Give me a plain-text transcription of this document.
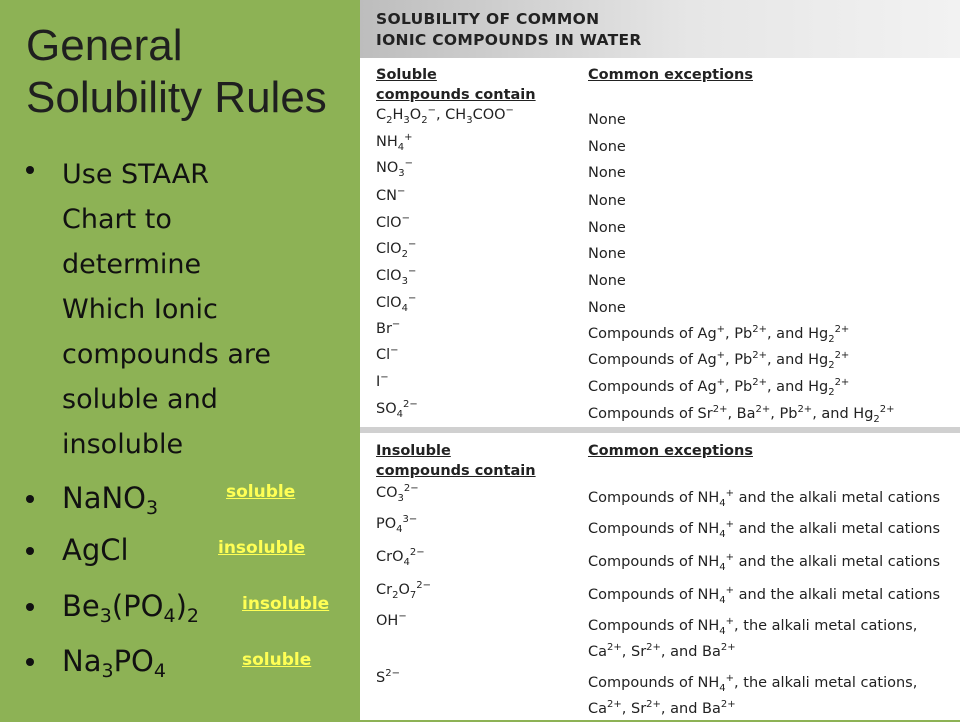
General Solubility Rules
Use STAAR
Chart to
determine
Which Ionic
compounds are
soluble and
insoluble
NaNO$_3$
AgCl
$Be_3(PO_4)_2$
$Na_3PO_4$
SOLUBILITY OF COMMON
IONIC COMPOUNDS IN WATER
Soluble
compounds contain
Common exceptions
$C_2H_3O_2^-$, $CH_3COO^-$
None
$NH_4^+$
None
$NO_3^-$
None
CN−
None
ClO−
None
ClO$_2$−
None
ClO$_3$−
None
ClO$_4$−
None
Br−
Compounds of Ag+, $Pb^{2+}$, and $Hg_2^{2+}$
Cl−
Compounds of Ag+, $Pb^{2+}$, and $Hg_2^{2+}$
I−
Compounds of Ag+, $Pb^{2+}$, and $Hg_2^{2+}$
$SO_4^{2-}$
Compounds of $Sr^{2+}$, $Ba^{2+}$, $Pb^{2+}$, and $Hg_2^{2+}$
Insoluble
compounds contain
Common exceptions
$CO_3^{2-}$
Compounds of $NH_4^+$ and the alkali metal cations
$PO_4^{3-}$
Compounds of $NH_4^+$ and the alkali metal cations
CrO$_4^{2-}$
Compounds of $NH_4^+$ and the alkali metal cations
$Cr_2O_7^{2-}$
Compounds of $NH_4^+$ and the alkali metal cations
OH−
Compounds of $NH_4^+$, the alkali metal cations,
$Ca^{2+}$, $Sr^{2+}$, and $Ba^{2+}$
$S^{2-}$
Compounds of $NH_4^+$, the alkali metal cations,
$Ca^{2+}$, $Sr^{2+}$, and $Ba^{2+}$
soluble
insoluble
insoluble
soluble
